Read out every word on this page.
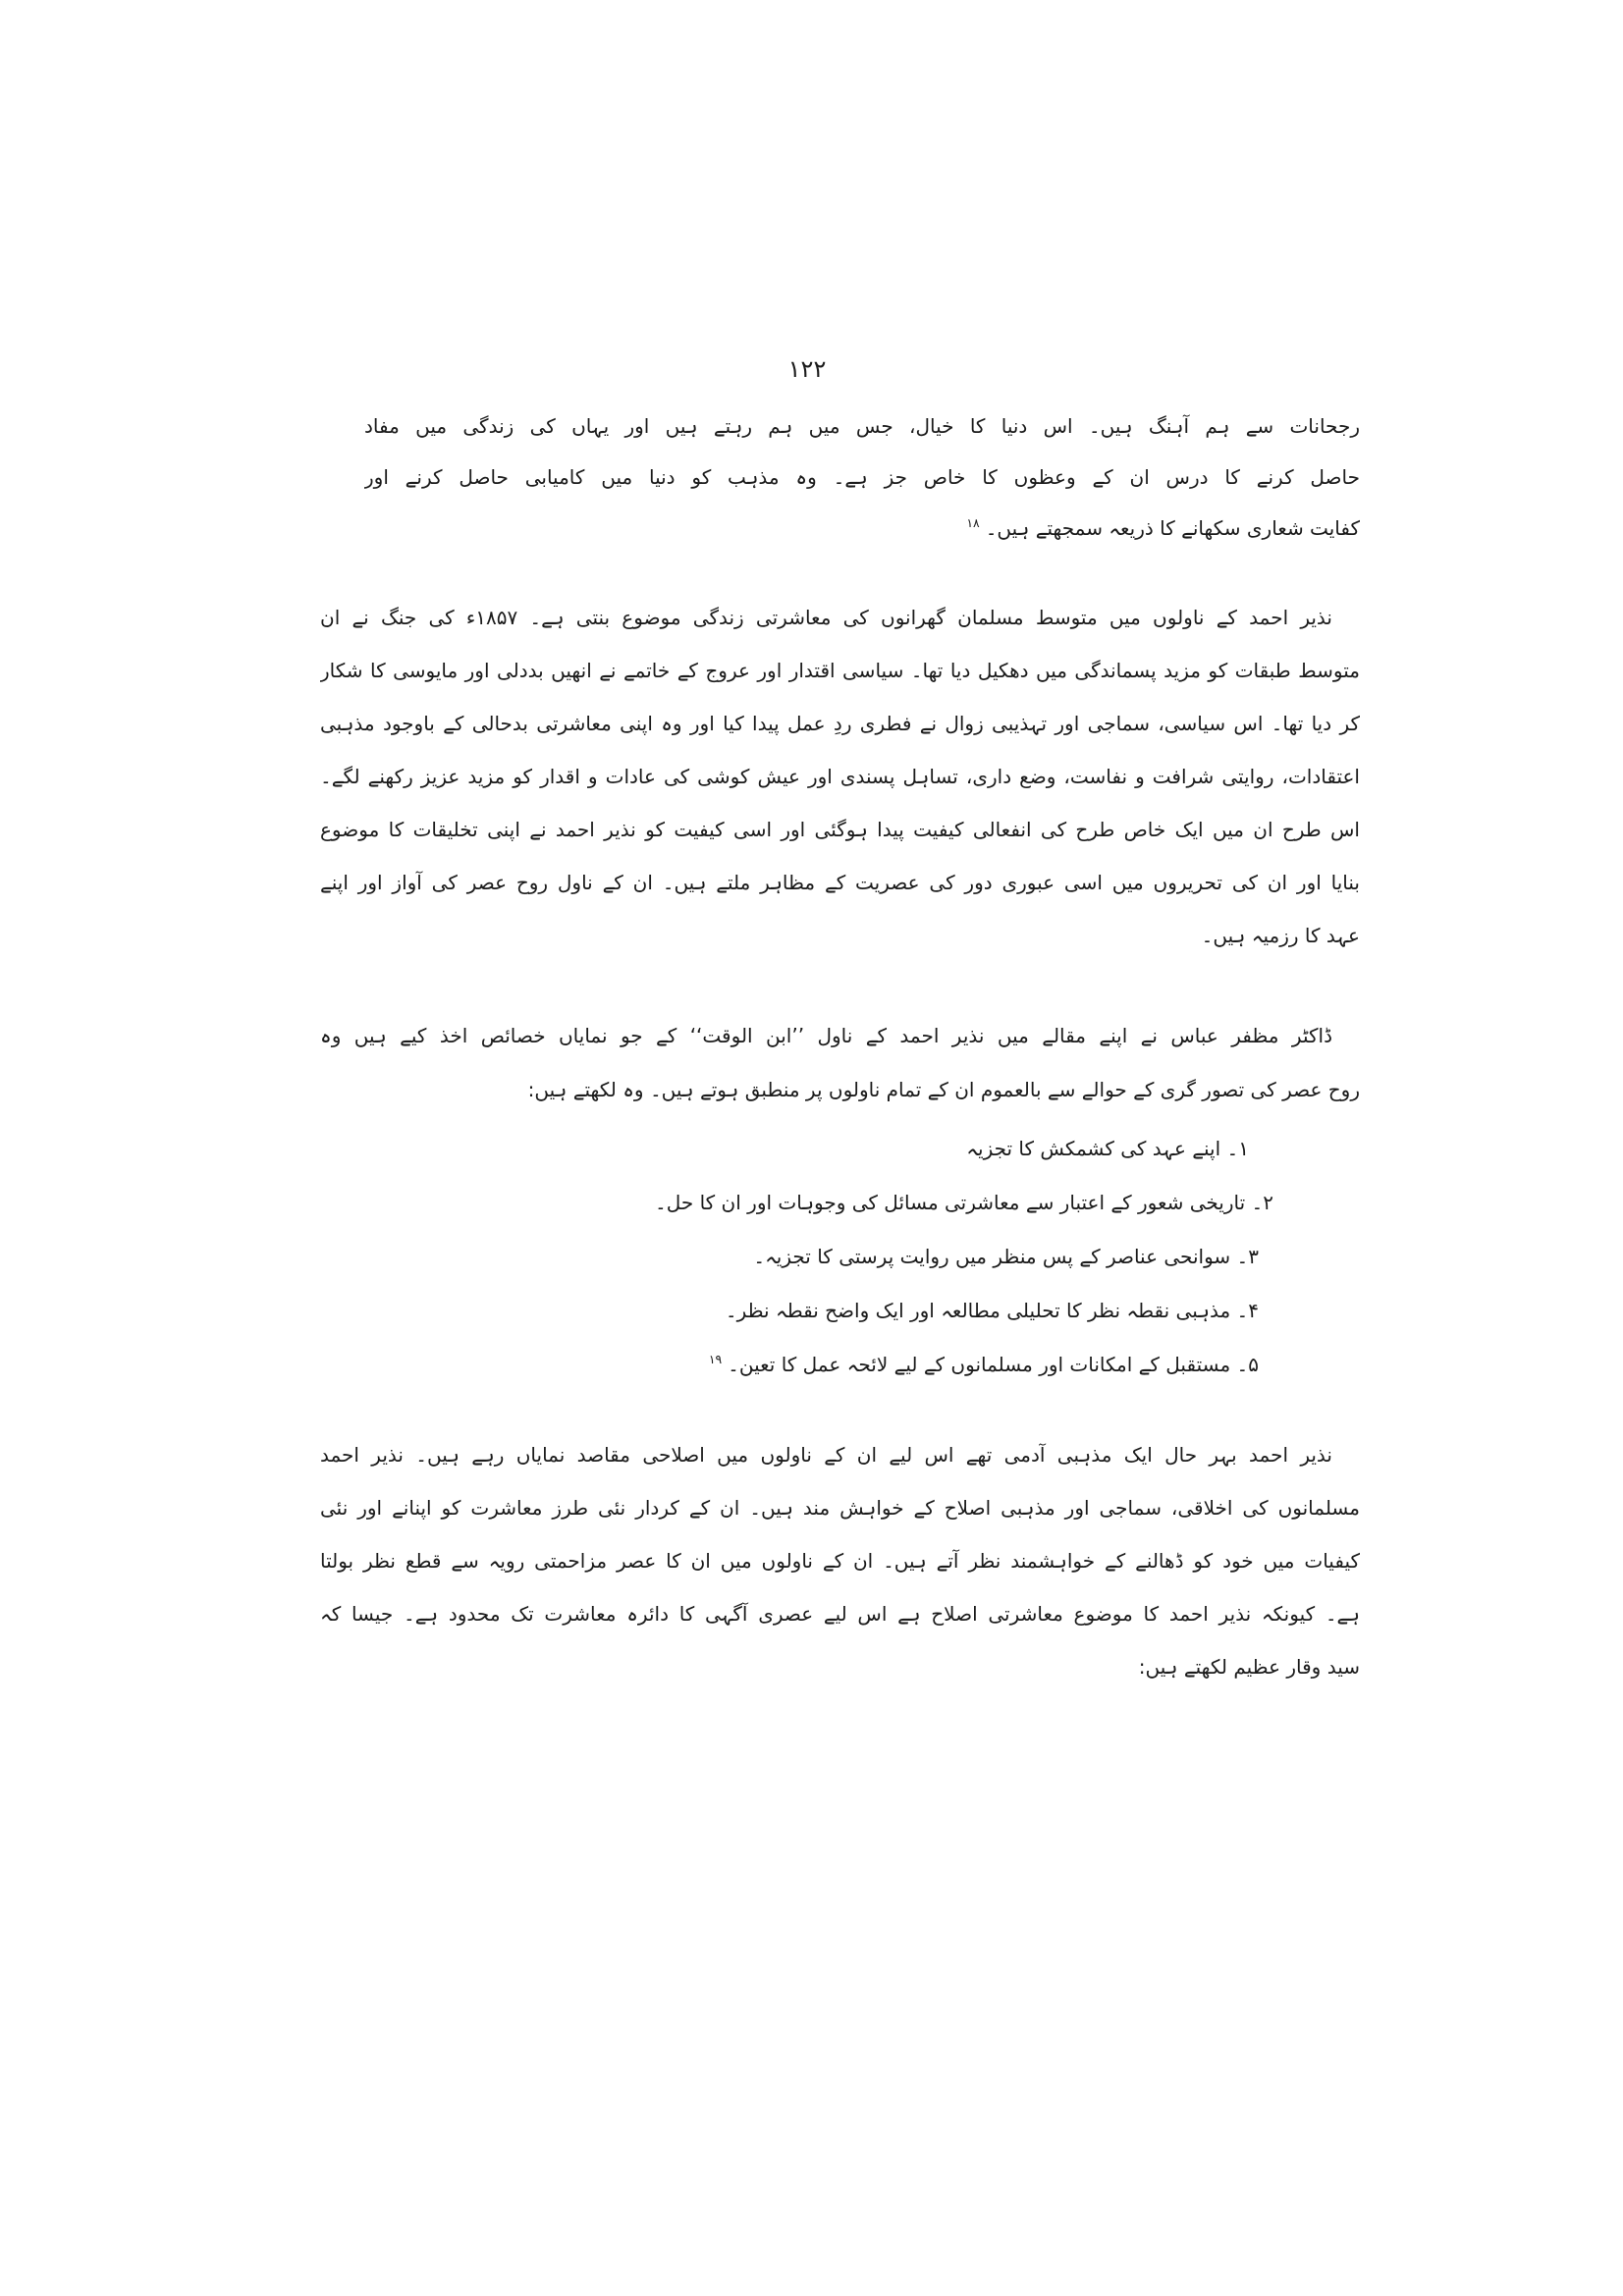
۱۲۲
رجحانات سے ہم آہنگ ہیں۔ اس دنیا کا خیال، جس میں ہم رہتے ہیں اور یہاں کی زندگی میں مفاد
حاصل کرنے کا درس ان کے وعظوں کا خاص جز ہے۔ وہ مذہب کو دنیا میں کامیابی حاصل کرنے اور
کفایت شعاری سکھانے کا ذریعہ سمجھتے ہیں۔$^{۱۸}$
نذیر احمد کے ناولوں میں متوسط مسلمان گھرانوں کی معاشرتی زندگی موضوع بنتی ہے۔ ۱۸۵۷ء کی جنگ نے ان
متوسط طبقات کو مزید پسماندگی میں دھکیل دیا تھا۔ سیاسی اقتدار اور عروج کے خاتمے نے انھیں بددلی اور مایوسی کا شکار
کر دیا تھا۔ اس سیاسی، سماجی اور تہذیبی زوال نے فطری ردِ عمل پیدا کیا اور وہ اپنی معاشرتی بدحالی کے باوجود مذہبی
اعتقادات، روایتی شرافت و نفاست، وضع داری، تساہل پسندی اور عیش کوشی کی عادات و اقدار کو مزید عزیز رکھنے لگے۔
اس طرح ان میں ایک خاص طرح کی انفعالی کیفیت پیدا ہوگئی اور اسی کیفیت کو نذیر احمد نے اپنی تخلیقات کا موضوع
بنایا اور ان کی تحریروں میں اسی عبوری دور کی عصریت کے مظاہر ملتے ہیں۔ ان کے ناول روح عصر کی آواز اور اپنے
عہد کا رزمیہ ہیں۔
ڈاکٹر مظفر عباس نے اپنے مقالے میں نذیر احمد کے ناول ’’ابن الوقت‘‘ کے جو نمایاں خصائص اخذ کیے ہیں وہ
روح عصر کی تصور گری کے حوالے سے بالعموم ان کے تمام ناولوں پر منطبق ہوتے ہیں۔ وہ لکھتے ہیں:
۱۔ اپنے عہد کی کشمکش کا تجزیہ
۲۔ تاریخی شعور کے اعتبار سے معاشرتی مسائل کی وجوہات اور ان کا حل۔
۳۔ سوانحی عناصر کے پس منظر میں روایت پرستی کا تجزیہ۔
۴۔ مذہبی نقطہ نظر کا تحلیلی مطالعہ اور ایک واضح نقطہ نظر۔
۵۔ مستقبل کے امکانات اور مسلمانوں کے لیے لائحہ عمل کا تعین۔$^{۱۹}$
نذیر احمد بہر حال ایک مذہبی آدمی تھے اس لیے ان کے ناولوں میں اصلاحی مقاصد نمایاں رہے ہیں۔ نذیر احمد
مسلمانوں کی اخلاقی، سماجی اور مذہبی اصلاح کے خواہش مند ہیں۔ ان کے کردار نئی طرز معاشرت کو اپنانے اور نئی
کیفیات میں خود کو ڈھالنے کے خواہشمند نظر آتے ہیں۔ ان کے ناولوں میں ان کا عصر مزاحمتی رویہ سے قطع نظر بولتا
ہے۔ کیونکہ نذیر احمد کا موضوع معاشرتی اصلاح ہے اس لیے عصری آگہی کا دائرہ معاشرت تک محدود ہے۔ جیسا کہ
سید وقار عظیم لکھتے ہیں:
